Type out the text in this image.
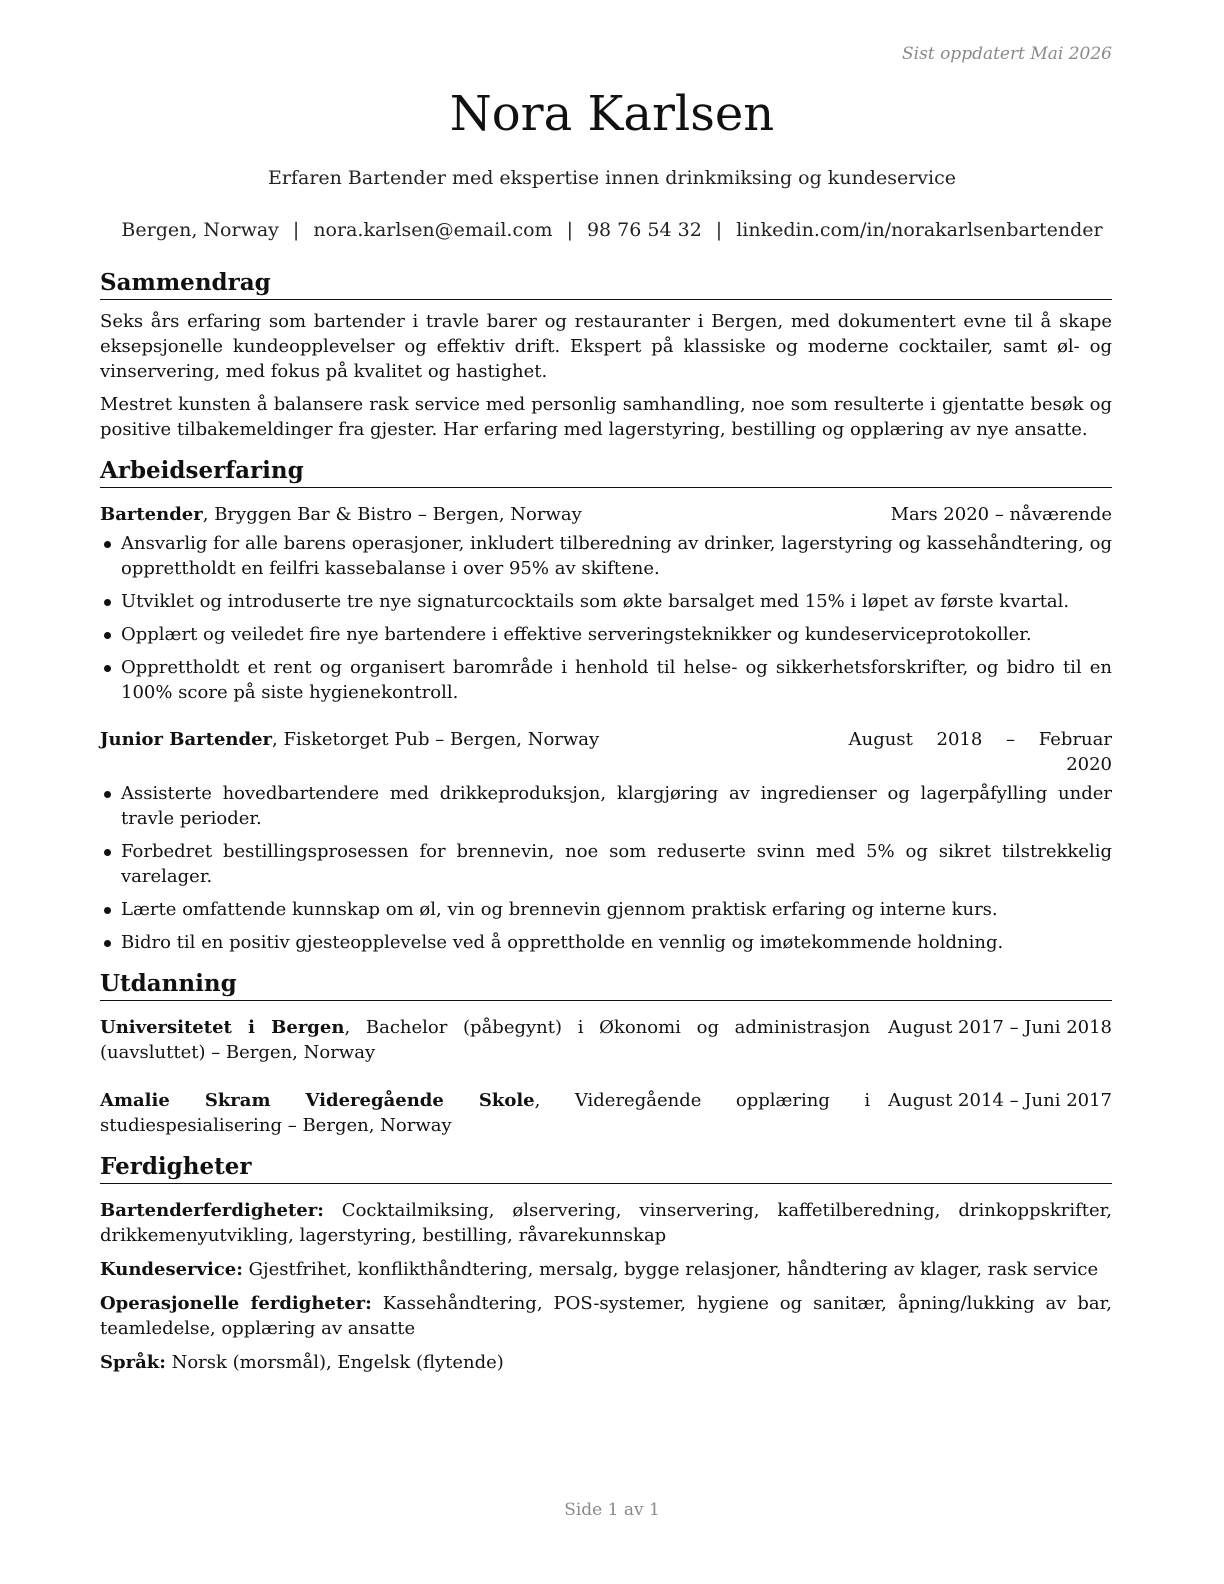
Sist oppdatert Mai 2026
Nora Karlsen
Erfaren Bartender med ekspertise innen drinkmiksing og kundeservice
Bergen, Norway | nora.karlsen@email.com | 98 76 54 32 | linkedin.com/in/norakarlsenbartender
Sammendrag

Seks års erfaring som bartender i travle barer og restauranter i Bergen, med dokumentert evne til å skape eksepsjonelle kundeopplevelser og effektiv drift. Ekspert på klassiske og moderne cocktailer, samt øl- og vinservering, med fokus på kvalitet og hastighet.

Mestret kunsten å balansere rask service med personlig samhandling, noe som resulterte i gjentatte besøk og positive tilbakemeldinger fra gjester. Har erfaring med lagerstyring, bestilling og opplæring av nye ansatte.

Arbeidserfaring
Bartender, Bryggen Bar & Bistro – Bergen, Norway	Mars 2020 – nåværende
Ansvarlig for alle barens operasjoner, inkludert tilberedning av drinker, lagerstyring og kassehåndtering, og opprettholdt en feilfri kassebalanse i over 95% av skiftene.
Utviklet og introduserte tre nye signaturcocktails som økte barsalget med 15% i løpet av første kvartal.
Opplært og veiledet fire nye bartendere i effektive serveringsteknikker og kundeserviceprotokoller.
Opprettholdt et rent og organisert barområde i henhold til helse- og sikkerhetsforskrifter, og bidro til en 100% score på siste hygienekontroll.
Junior Bartender, Fisketorget Pub – Bergen, Norway	August 2018 – Februar
2020
Assisterte hovedbartendere med drikkeproduksjon, klargjøring av ingredienser og lagerpåfylling under travle perioder.
Forbedret bestillingsprosessen for brennevin, noe som reduserte svinn med 5% og sikret tilstrekkelig varelager.
Lærte omfattende kunnskap om øl, vin og brennevin gjennom praktisk erfaring og interne kurs.
Bidro til en positiv gjesteopplevelse ved å opprettholde en vennlig og imøtekommende holdning.
Utdanning
Universitetet i Bergen, Bachelor (påbegynt) i Økonomi og administrasjon (uavsluttet) – Bergen, Norway
August 2017 – Juni 2018
Amalie Skram Videregående Skole, Videregående opplæring i studiespesialisering – Bergen, Norway
August 2014 – Juni 2017
Ferdigheter
Bartenderferdigheter: Cocktailmiksing, ølservering, vinservering, kaffetilberedning, drinkoppskrifter, drikkemenyutvikling, lagerstyring, bestilling, råvarekunnskap
Kundeservice: Gjestfrihet, konflikthåndtering, mersalg, bygge relasjoner, håndtering av klager, rask service
Operasjonelle ferdigheter: Kassehåndtering, POS-systemer, hygiene og sanitær, åpning/lukking av bar, teamledelse, opplæring av ansatte
Språk: Norsk (morsmål), Engelsk (flytende)
Side 1 av 1
